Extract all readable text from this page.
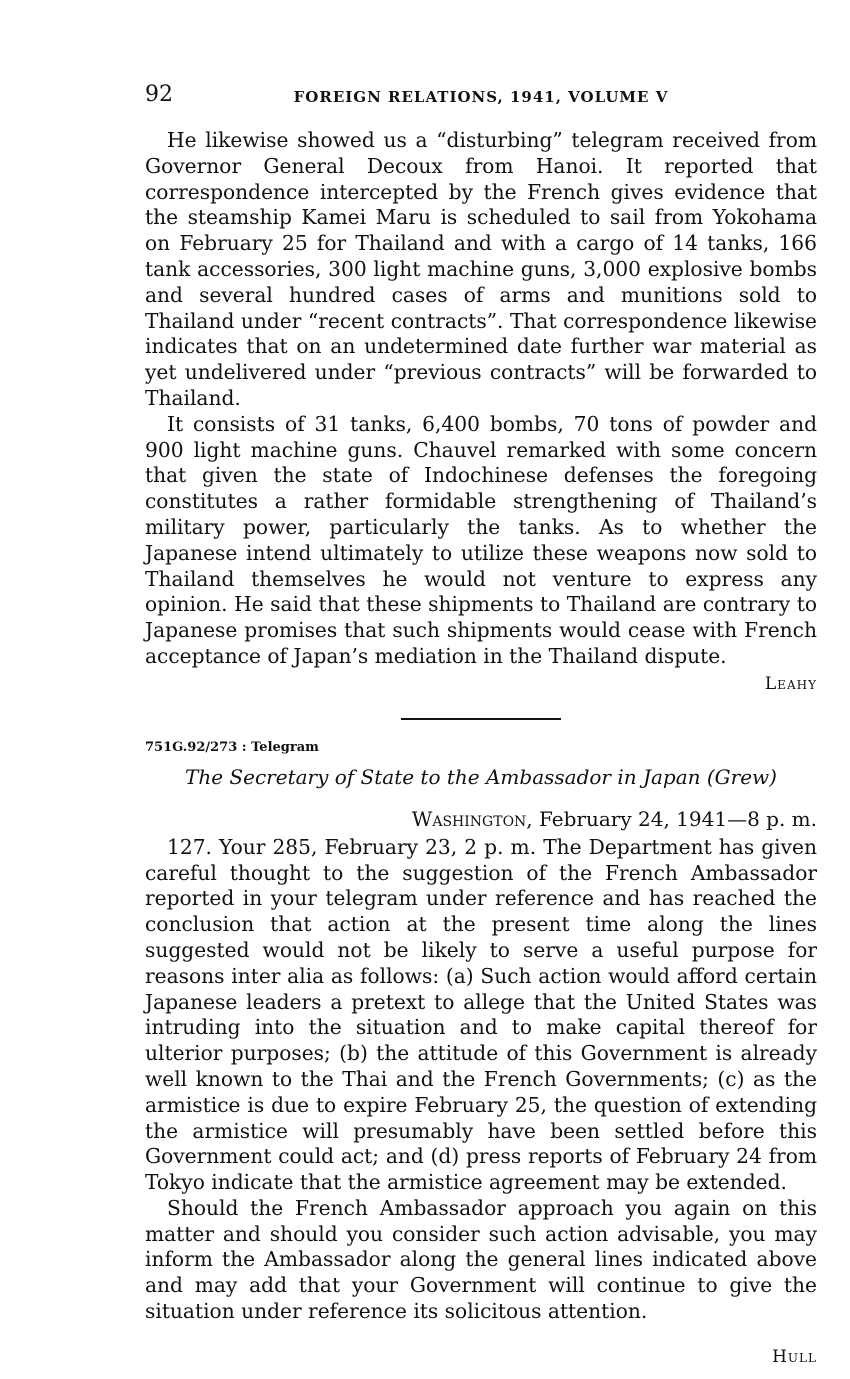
92	FOREIGN RELATIONS, 1941, VOLUME V

He likewise showed us a “disturbing” telegram received from Governor General Decoux from Hanoi. It reported that correspondence intercepted by the French gives evidence that the steamship Kamei Maru is scheduled to sail from Yokohama on February 25 for Thailand and with a cargo of 14 tanks, 166 tank accessories, 300 light machine guns, 3,000 explosive bombs and several hundred cases of arms and munitions sold to Thailand under “recent contracts”. That correspondence likewise indicates that on an undetermined date further war material as yet undelivered under “previous contracts” will be forwarded to Thailand.

It consists of 31 tanks, 6,400 bombs, 70 tons of powder and 900 light machine guns. Chauvel remarked with some concern that given the state of Indochinese defenses the foregoing constitutes a rather formidable strengthening of Thailand’s military power, particularly the tanks. As to whether the Japanese intend ultimately to utilize these weapons now sold to Thailand themselves he would not venture to express any opinion. He said that these shipments to Thailand are contrary to Japanese promises that such shipments would cease with French acceptance of Japan’s mediation in the Thailand dispute.

Leahy
751G.92/273 : Telegram
The Secretary of State to the Ambassador in Japan (Grew)
Washington, February 24, 1941—8 p. m.

127. Your 285, February 23, 2 p. m. The Department has given careful thought to the suggestion of the French Ambassador reported in your telegram under reference and has reached the conclusion that action at the present time along the lines suggested would not be likely to serve a useful purpose for reasons inter alia as follows: (a) Such action would afford certain Japanese leaders a pretext to allege that the United States was intruding into the situation and to make capital thereof for ulterior purposes; (b) the attitude of this Government is already well known to the Thai and the French Governments; (c) as the armistice is due to expire February 25, the question of extending the armistice will presumably have been settled before this Government could act; and (d) press reports of February 24 from Tokyo indicate that the armistice agreement may be extended.

Should the French Ambassador approach you again on this matter and should you consider such action advisable, you may inform the Ambassador along the general lines indicated above and may add that your Government will continue to give the situation under reference its solicitous attention.

Hull
